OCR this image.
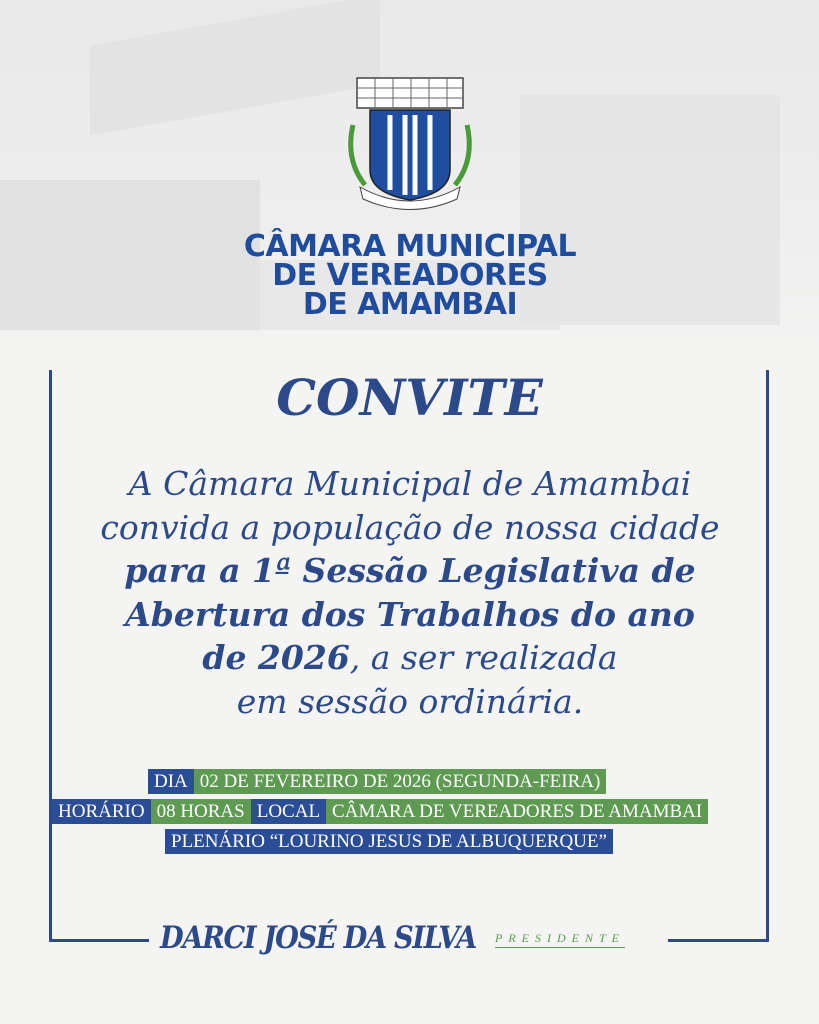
CÂMARA MUNICIPAL
DE VEREADORES
DE AMAMBAI
CONVITE
A Câmara Municipal de Amambai
convida a população de nossa cidade
para a 1ª Sessão Legislativa de
Abertura dos Trabalhos do ano
de 2026, a ser realizada
em sessão ordinária.
DIA 02 DE FEVEREIRO DE 2026 (SEGUNDA-FEIRA)
HORÁRIO 08 HORAS LOCAL CÂMARA DE VEREADORES DE AMAMBAI
PLENÁRIO “LOURINO JESUS DE ALBUQUERQUE”
DARCI JOSÉ DA SILVA PRESIDENTE
